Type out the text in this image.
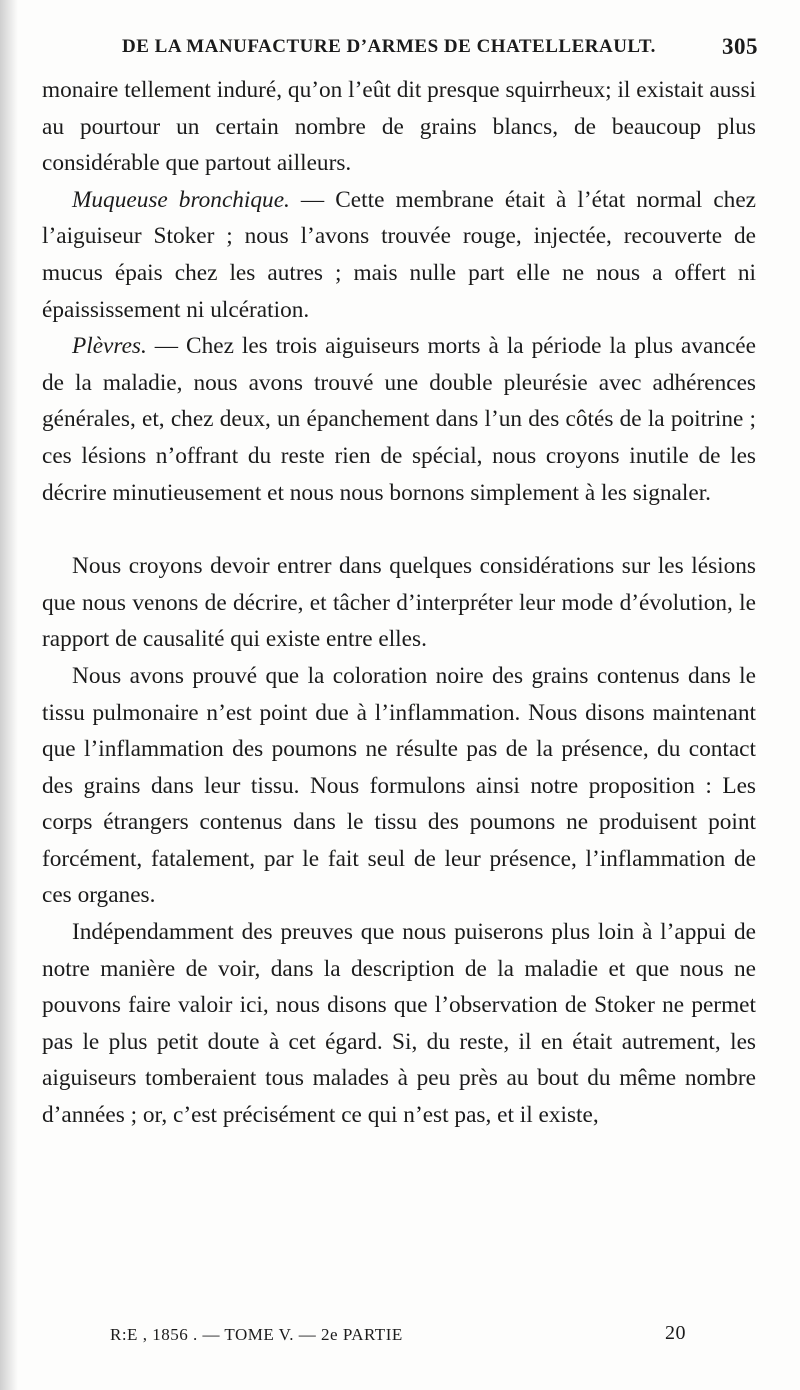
DE LA MANUFACTURE D’ARMES DE CHATELLERAULT.	305

monaire tellement induré, qu’on l’eût dit presque squirrheux; il existait aussi au pourtour un certain nombre de grains blancs, de beaucoup plus considérable que partout ailleurs.

Muqueuse bronchique. — Cette membrane était à l’état normal chez l’aiguiseur Stoker ; nous l’avons trouvée rouge, injectée, recouverte de mucus épais chez les autres ; mais nulle part elle ne nous a offert ni épaississement ni ulcération.

Plèvres. — Chez les trois aiguiseurs morts à la période la plus avancée de la maladie, nous avons trouvé une double pleurésie avec adhérences générales, et, chez deux, un épanchement dans l’un des côtés de la poitrine ; ces lésions n’offrant du reste rien de spécial, nous croyons inutile de les décrire minutieusement et nous nous bornons simplement à les signaler.

Nous croyons devoir entrer dans quelques considérations sur les lésions que nous venons de décrire, et tâcher d’interpréter leur mode d’évolution, le rapport de causalité qui existe entre elles.

Nous avons prouvé que la coloration noire des grains contenus dans le tissu pulmonaire n’est point due à l’inflammation. Nous disons maintenant que l’inflammation des poumons ne résulte pas de la présence, du contact des grains dans leur tissu. Nous formulons ainsi notre proposition : Les corps étrangers contenus dans le tissu des poumons ne produisent point forcément, fatalement, par le fait seul de leur présence, l’inflammation de ces organes.

Indépendamment des preuves que nous puiserons plus loin à l’appui de notre manière de voir, dans la description de la maladie et que nous ne pouvons faire valoir ici, nous disons que l’observation de Stoker ne permet pas le plus petit doute à cet égard. Si, du reste, il en était autrement, les aiguiseurs tomberaient tous malades à peu près au bout du même nombre d’années ; or, c’est précisément ce qui n’est pas, et il existe,

R:E , 1856 . — TOME V. — 2e PARTIE	20
